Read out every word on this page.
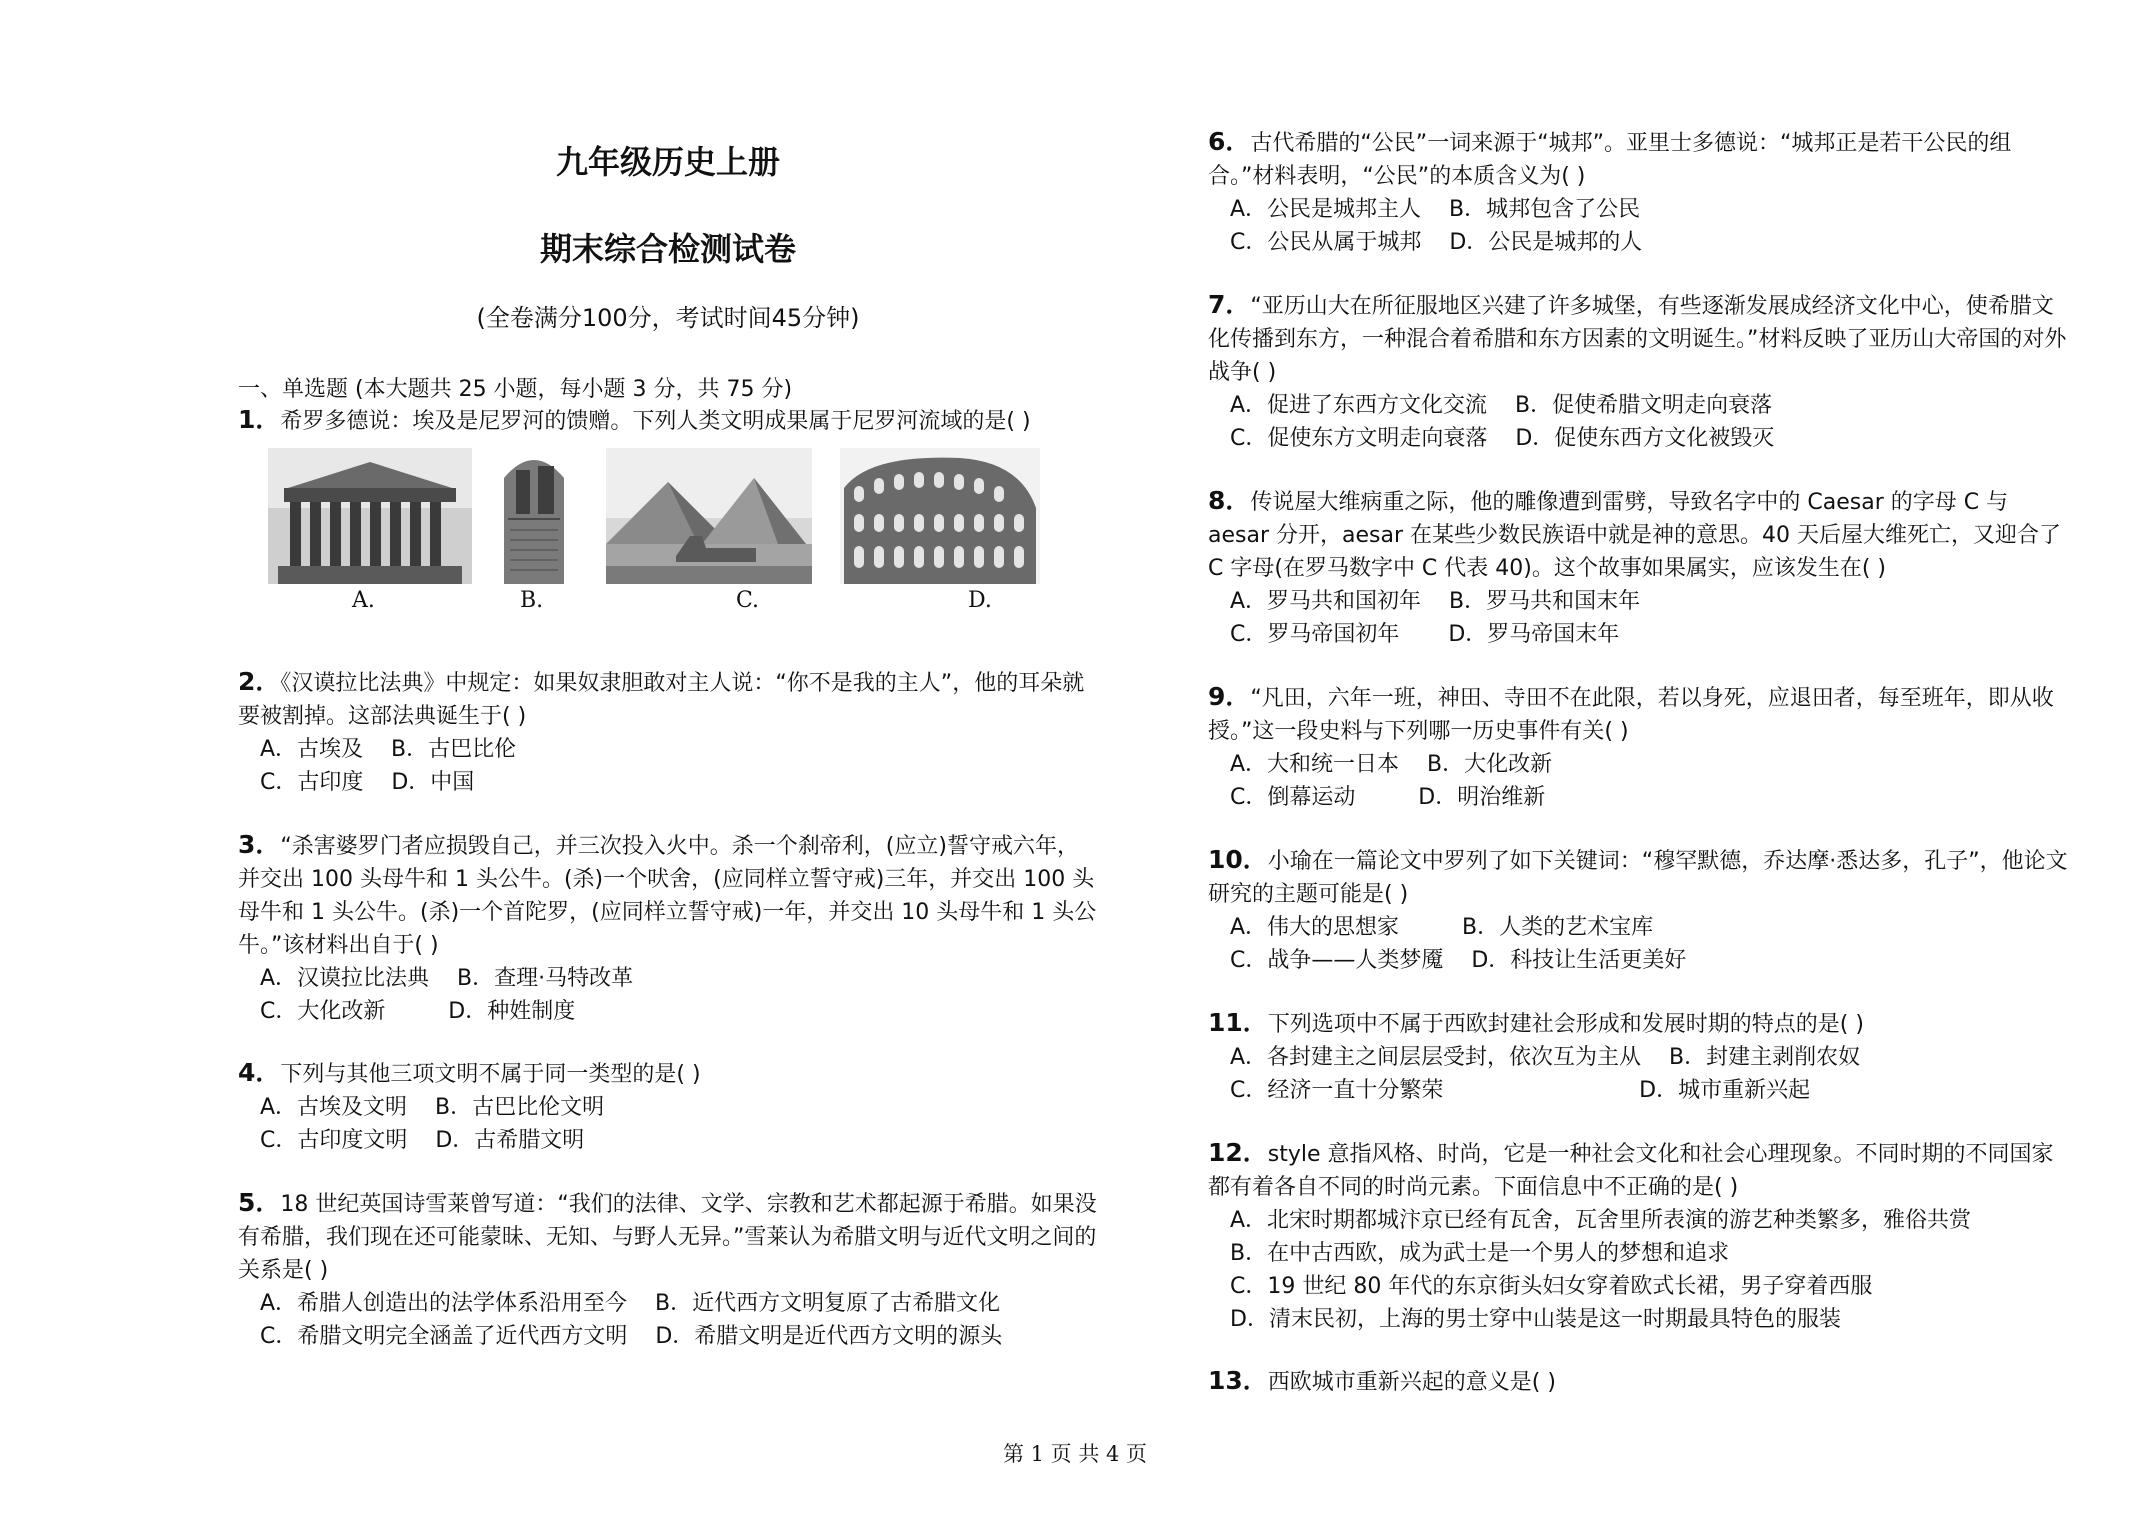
九年级历史上册
期末综合检测试卷
(全卷满分100分，考试时间45分钟)
一、单选题 (本大题共 25 小题，每小题 3 分，共 75 分)
1．希罗多德说：埃及是尼罗河的馈赠。下列人类文明成果属于尼罗河流域的是( )
A.	B.	C.	D.
2．《汉谟拉比法典》中规定：如果奴隶胆敢对主人说：“你不是我的主人”，他的耳朵就要被割掉。这部法典诞生于( )
A．古埃及    B．古巴比伦
C．古印度    D．中国
3．“杀害婆罗门者应损毁自己，并三次投入火中。杀一个刹帝利，(应立)誓守戒六年，并交出 100 头母牛和 1 头公牛。(杀)一个吠舍，(应同样立誓守戒)三年，并交出 100 头母牛和 1 头公牛。(杀)一个首陀罗，(应同样立誓守戒)一年，并交出 10 头母牛和 1 头公牛。”该材料出自于( )
A．汉谟拉比法典    B．查理·马特改革
C．大化改新         D．种姓制度
4．下列与其他三项文明不属于同一类型的是( )
A．古埃及文明    B．古巴比伦文明
C．古印度文明    D．古希腊文明
5．18 世纪英国诗雪莱曾写道：“我们的法律、文学、宗教和艺术都起源于希腊。如果没有希腊，我们现在还可能蒙昧、无知、与野人无异。”雪莱认为希腊文明与近代文明之间的关系是( )
A．希腊人创造出的法学体系沿用至今    B．近代西方文明复原了古希腊文化
C．希腊文明完全涵盖了近代西方文明    D．希腊文明是近代西方文明的源头
6．古代希腊的“公民”一词来源于“城邦”。亚里士多德说：“城邦正是若干公民的组合。”材料表明，“公民”的本质含义为( )
A．公民是城邦主人    B．城邦包含了公民
C．公民从属于城邦    D．公民是城邦的人
7．“亚历山大在所征服地区兴建了许多城堡，有些逐渐发展成经济文化中心，使希腊文化传播到东方，一种混合着希腊和东方因素的文明诞生。”材料反映了亚历山大帝国的对外战争( )
A．促进了东西方文化交流    B．促使希腊文明走向衰落
C．促使东方文明走向衰落    D．促使东西方文化被毁灭
8．传说屋大维病重之际，他的雕像遭到雷劈，导致名字中的 Caesar 的字母 C 与 aesar 分开，aesar 在某些少数民族语中就是神的意思。40 天后屋大维死亡，又迎合了 C 字母(在罗马数字中 C 代表 40)。这个故事如果属实，应该发生在( )
A．罗马共和国初年    B．罗马共和国末年
C．罗马帝国初年       D．罗马帝国末年
9．“凡田，六年一班，神田、寺田不在此限，若以身死，应退田者，每至班年，即从收授。”这一段史料与下列哪一历史事件有关( )
A．大和统一日本    B．大化改新
C．倒幕运动         D．明治维新
10．小瑜在一篇论文中罗列了如下关键词：“穆罕默德，乔达摩·悉达多，孔子”，他论文研究的主题可能是( )
A．伟大的思想家         B．人类的艺术宝库
C．战争——人类梦魇    D．科技让生活更美好
11．下列选项中不属于西欧封建社会形成和发展时期的特点的是( )
A．各封建主之间层层受封，依次互为主从    B．封建主剥削农奴
C．经济一直十分繁荣                            D．城市重新兴起
12．style 意指风格、时尚，它是一种社会文化和社会心理现象。不同时期的不同国家都有着各自不同的时尚元素。下面信息中不正确的是( )
A．北宋时期都城汴京已经有瓦舍，瓦舍里所表演的游艺种类繁多，雅俗共赏
B．在中古西欧，成为武士是一个男人的梦想和追求
C．19 世纪 80 年代的东京街头妇女穿着欧式长裙，男子穿着西服
D．清末民初，上海的男士穿中山装是这一时期最具特色的服装
13．西欧城市重新兴起的意义是( )
第 1 页 共 4 页
